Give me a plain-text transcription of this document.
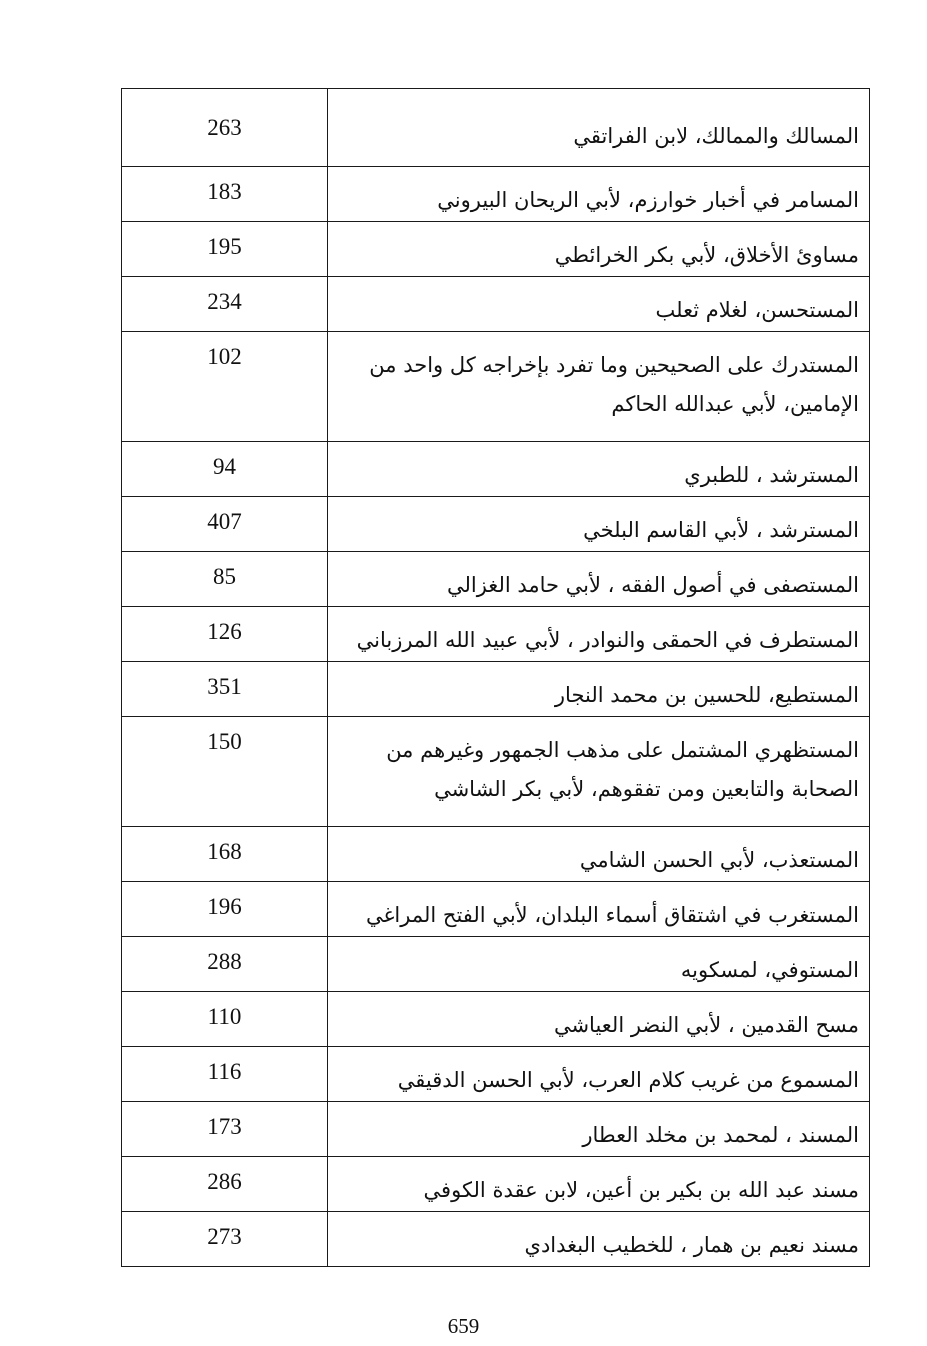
263	المسالك والممالك، لابن الفراتقي

183	المسامر في أخبار خوارزم، لأبي الريحان البيروني

195	مساوئ الأخلاق، لأبي بكر الخرائطي

234	المستحسن، لغلام ثعلب

102	المستدرك على الصحيحين وما تفرد بإخراجه كل واحد من الإمامين، لأبي عبدالله الحاكم

94	المسترشد ، للطبري

407	المسترشد ، لأبي القاسم البلخي

85	المستصفى في أصول الفقه ، لأبي حامد الغزالي

126	المستطرف في الحمقى والنوادر ، لأبي عبيد الله المرزباني

351	المستطيع، للحسين بن محمد النجار

150	المستظهري المشتمل على مذهب الجمهور وغيرهم من الصحابة والتابعين ومن تفقوهم، لأبي بكر الشاشي

168	المستعذب، لأبي الحسن الشامي

196	المستغرب في اشتقاق أسماء البلدان، لأبي الفتح المراغي

288	المستوفي، لمسكويه

110	مسح القدمين ، لأبي النضر العياشي

116	المسموع من غريب كلام العرب، لأبي الحسن الدقيقي

173	المسند ، لمحمد بن مخلد العطار

286	مسند عبد الله بن بكير بن أعين، لابن عقدة الكوفي

273	مسند نعيم بن همار ، للخطيب البغدادي
659
